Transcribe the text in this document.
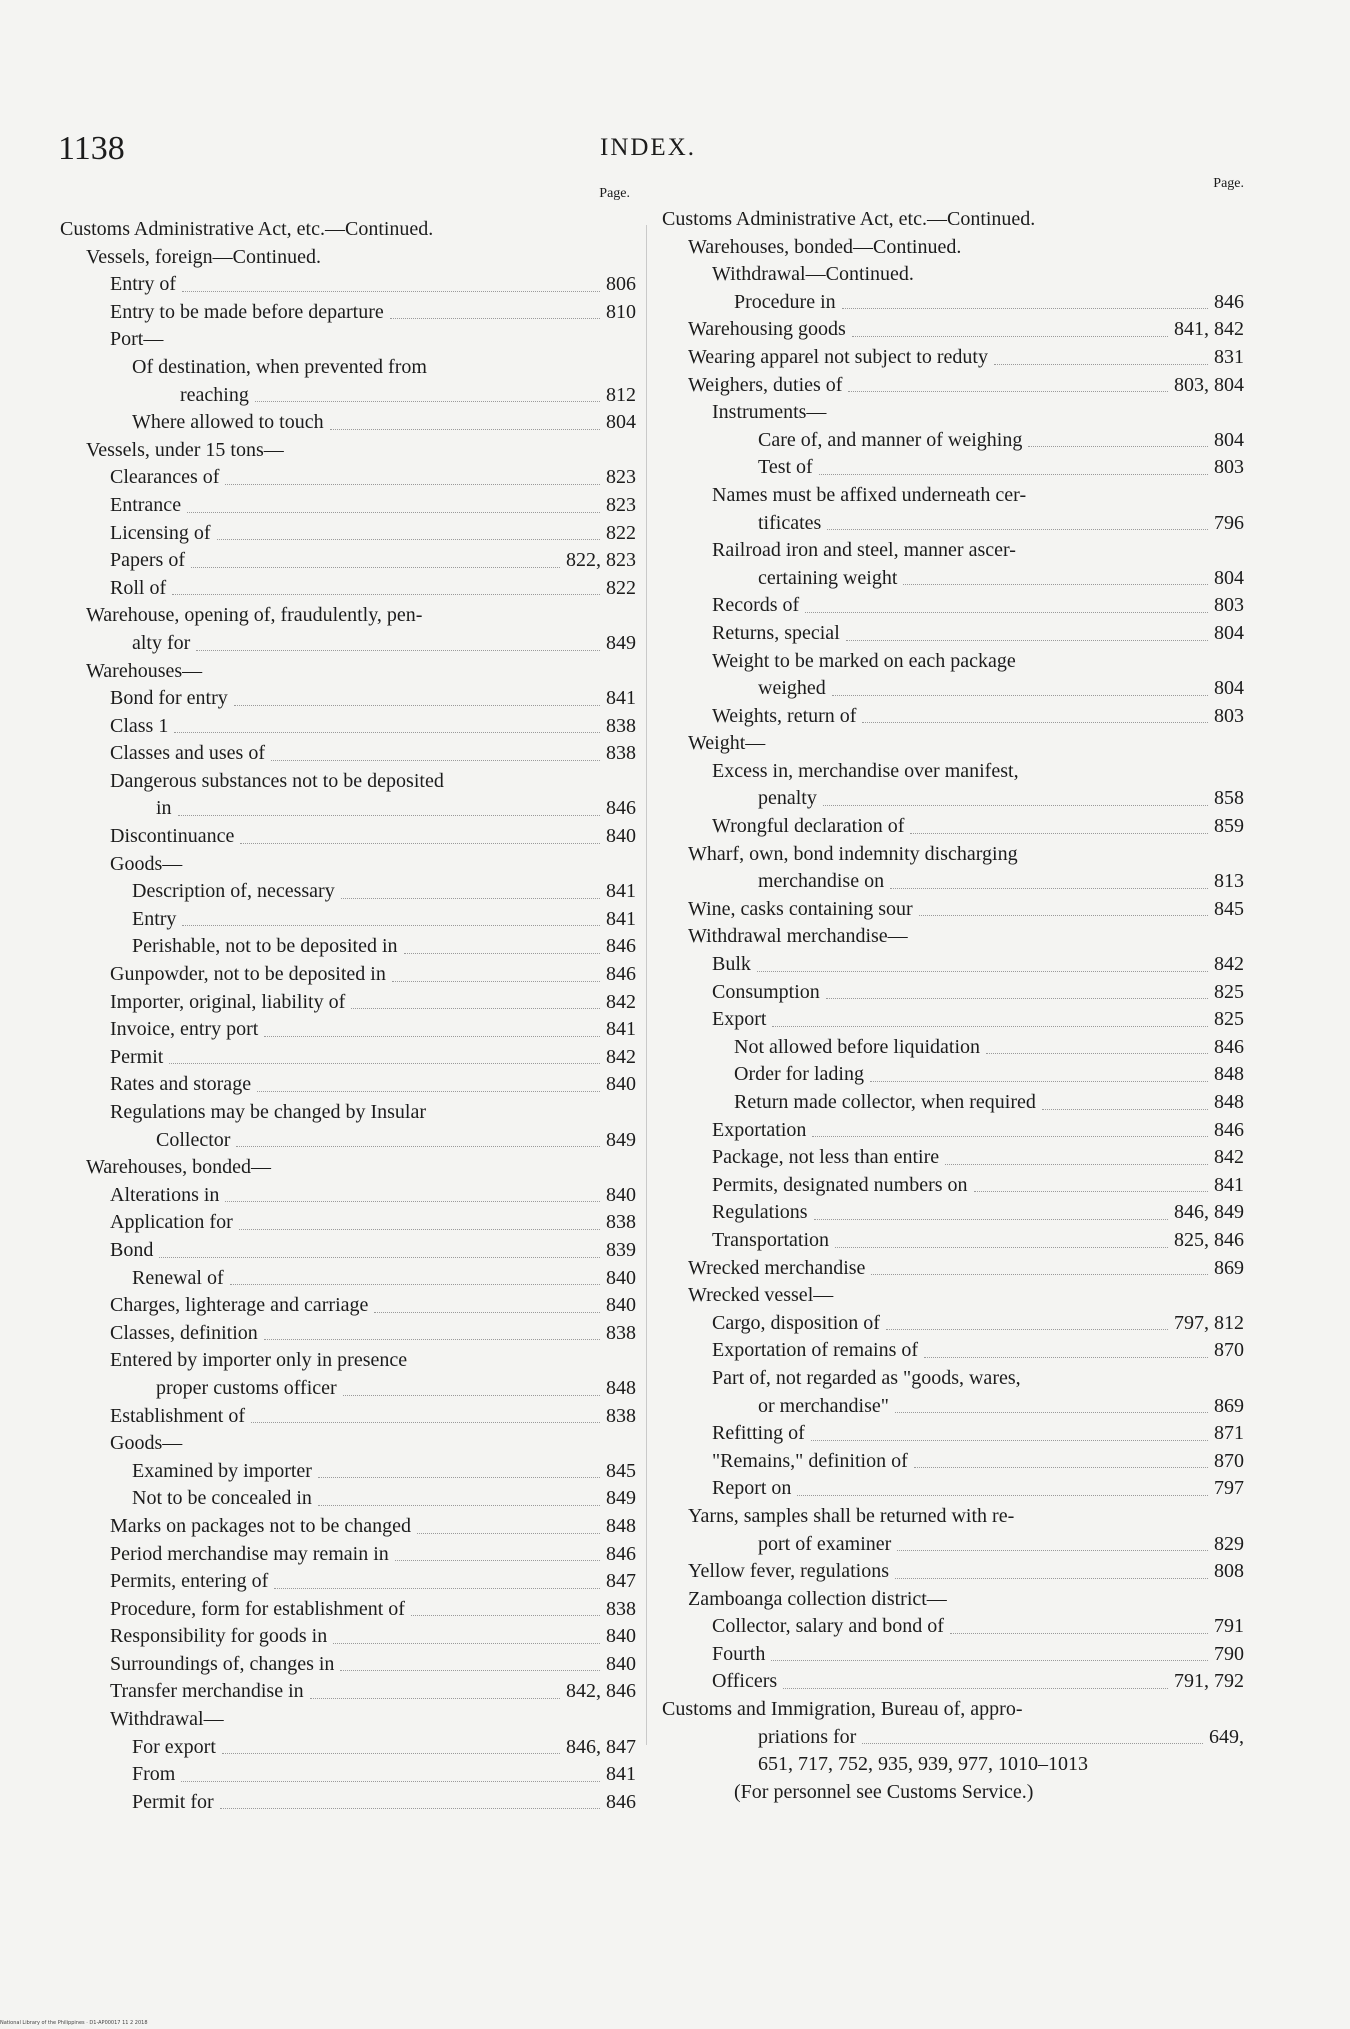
1138	INDEX.
Page.
Customs Administrative Act, etc.—Continued.
Vessels, foreign—Continued.
Entry of	806
Entry to be made before departure	810
Port—
Of destination, when prevented from
reaching	812
Where allowed to touch	804
Vessels, under 15 tons—
Clearances of	823
Entrance	823
Licensing of	822
Papers of	822, 823
Roll of	822
Warehouse, opening of, fraudulently, pen-
alty for	849
Warehouses—
Bond for entry	841
Class 1	838
Classes and uses of	838
Dangerous substances not to be deposited
in	846
Discontinuance	840
Goods—
Description of, necessary	841
Entry	841
Perishable, not to be deposited in	846
Gunpowder, not to be deposited in	846
Importer, original, liability of	842
Invoice, entry port	841
Permit	842
Rates and storage	840
Regulations may be changed by Insular
Collector	849
Warehouses, bonded—
Alterations in	840
Application for	838
Bond	839
Renewal of	840
Charges, lighterage and carriage	840
Classes, definition	838
Entered by importer only in presence
proper customs officer	848
Establishment of	838
Goods—
Examined by importer	845
Not to be concealed in	849
Marks on packages not to be changed	848
Period merchandise may remain in	846
Permits, entering of	847
Procedure, form for establishment of	838
Responsibility for goods in	840
Surroundings of, changes in	840
Transfer merchandise in	842, 846
Withdrawal—
For export	846, 847
From	841
Permit for	846
Page.
Customs Administrative Act, etc.—Continued.
Warehouses, bonded—Continued.
Withdrawal—Continued.
Procedure in	846
Warehousing goods	841, 842
Wearing apparel not subject to reduty	831
Weighers, duties of	803, 804
Instruments—
Care of, and manner of weighing	804
Test of	803
Names must be affixed underneath cer-
tificates	796
Railroad iron and steel, manner ascer-
certaining weight	804
Records of	803
Returns, special	804
Weight to be marked on each package
weighed	804
Weights, return of	803
Weight—
Excess in, merchandise over manifest,
penalty	858
Wrongful declaration of	859
Wharf, own, bond indemnity discharging
merchandise on	813
Wine, casks containing sour	845
Withdrawal merchandise—
Bulk	842
Consumption	825
Export	825
Not allowed before liquidation	846
Order for lading	848
Return made collector, when required	848
Exportation	846
Package, not less than entire	842
Permits, designated numbers on	841
Regulations	846, 849
Transportation	825, 846
Wrecked merchandise	869
Wrecked vessel—
Cargo, disposition of	797, 812
Exportation of remains of	870
Part of, not regarded as "goods, wares,
or merchandise"	869
Refitting of	871
"Remains," definition of	870
Report on	797
Yarns, samples shall be returned with re-
port of examiner	829
Yellow fever, regulations	808
Zamboanga collection district—
Collector, salary and bond of	791
Fourth	790
Officers	791, 792
Customs and Immigration, Bureau of, appro-
priations for	649,
651, 717, 752, 935, 939, 977, 1010–1013
(For personnel see Customs Service.)
National Library of the Philippines · D1-AP00017 11 2 2018
